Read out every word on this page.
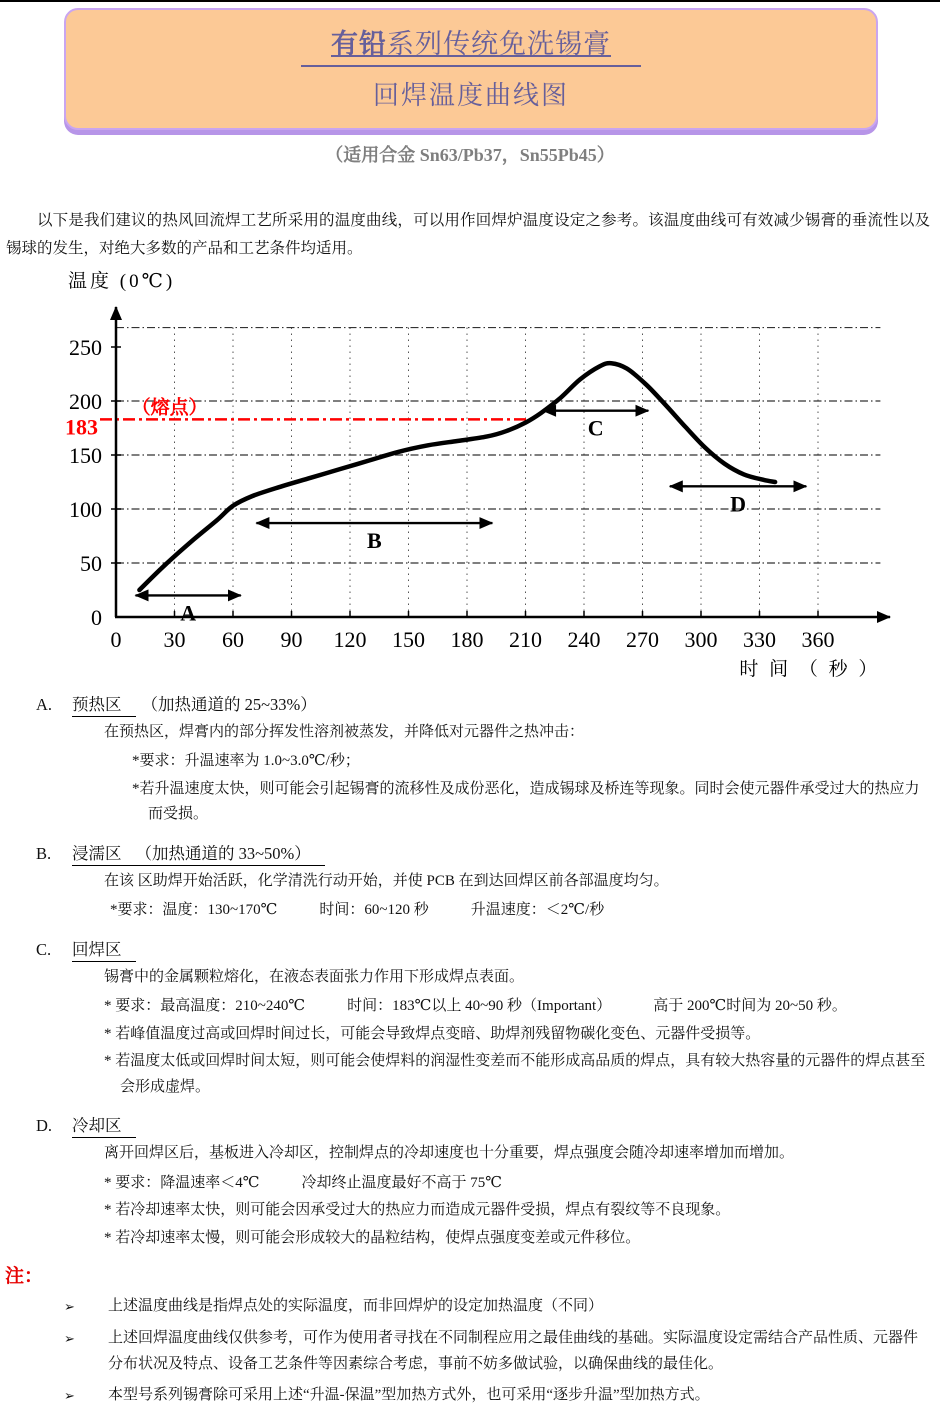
有铅系列传统免洗锡膏
回焊温度曲线图
（适用合金 Sn63/Pb37，Sn55Pb45）

以下是我们建议的热风回流焊工艺所采用的温度曲线，可以用作回焊炉温度设定之参考。该温度曲线可有效减少锡膏的垂流性以及锡球的发生，对绝大多数的产品和工艺条件均适用。

（熔点）
183
A
B
C
D
0
50
100
150
200
250
0 30 60 90 120 150 180 210 240 270 300 330 360
温度 (0℃)
时 间 （ 秒 ）
A. 预热区 （加热通道的 25~33%）

在预热区，焊膏内的部分挥发性溶剂被蒸发，并降低对元器件之热冲击：

*要求：升温速率为 1.0~3.0℃/秒；

*若升温速度太快，则可能会引起锡膏的流移性及成份恶化，造成锡球及桥连等现象。同时会使元器件承受过大的热应力而受损。

B. 浸濡区 （加热通道的 33~50%）

在该 区助焊开始活跃，化学清洗行动开始，并使 PCB 在到达回焊区前各部温度均匀。

*要求：温度：130~170℃	时间：60~120 秒	升温速度：＜2℃/秒

C. 回焊区

锡膏中的金属颗粒熔化，在液态表面张力作用下形成焊点表面。

* 要求：最高温度：210~240℃	时间：183℃以上 40~90 秒（Important）	高于 200℃时间为 20~50 秒。

* 若峰值温度过高或回焊时间过长，可能会导致焊点变暗、助焊剂残留物碳化变色、元器件受损等。

* 若温度太低或回焊时间太短，则可能会使焊料的润湿性变差而不能形成高品质的焊点，具有较大热容量的元器件的焊点甚至会形成虚焊。

D. 冷却区

离开回焊区后，基板进入冷却区，控制焊点的冷却速度也十分重要，焊点强度会随冷却速率增加而增加。

* 要求：降温速率＜4℃	冷却终止温度最好不高于 75℃

* 若冷却速率太快，则可能会因承受过大的热应力而造成元器件受损，焊点有裂纹等不良现象。

* 若冷却速率太慢，则可能会形成较大的晶粒结构，使焊点强度变差或元件移位。

注：
➢	上述温度曲线是指焊点处的实际温度，而非回焊炉的设定加热温度（不同）
➢	上述回焊温度曲线仅供参考，可作为使用者寻找在不同制程应用之最佳曲线的基础。实际温度设定需结合产品性质、元器件分布状况及特点、设备工艺条件等因素综合考虑，事前不妨多做试验，以确保曲线的最佳化。
➢	本型号系列锡膏除可采用上述“升温-保温”型加热方式外，也可采用“逐步升温”型加热方式。
